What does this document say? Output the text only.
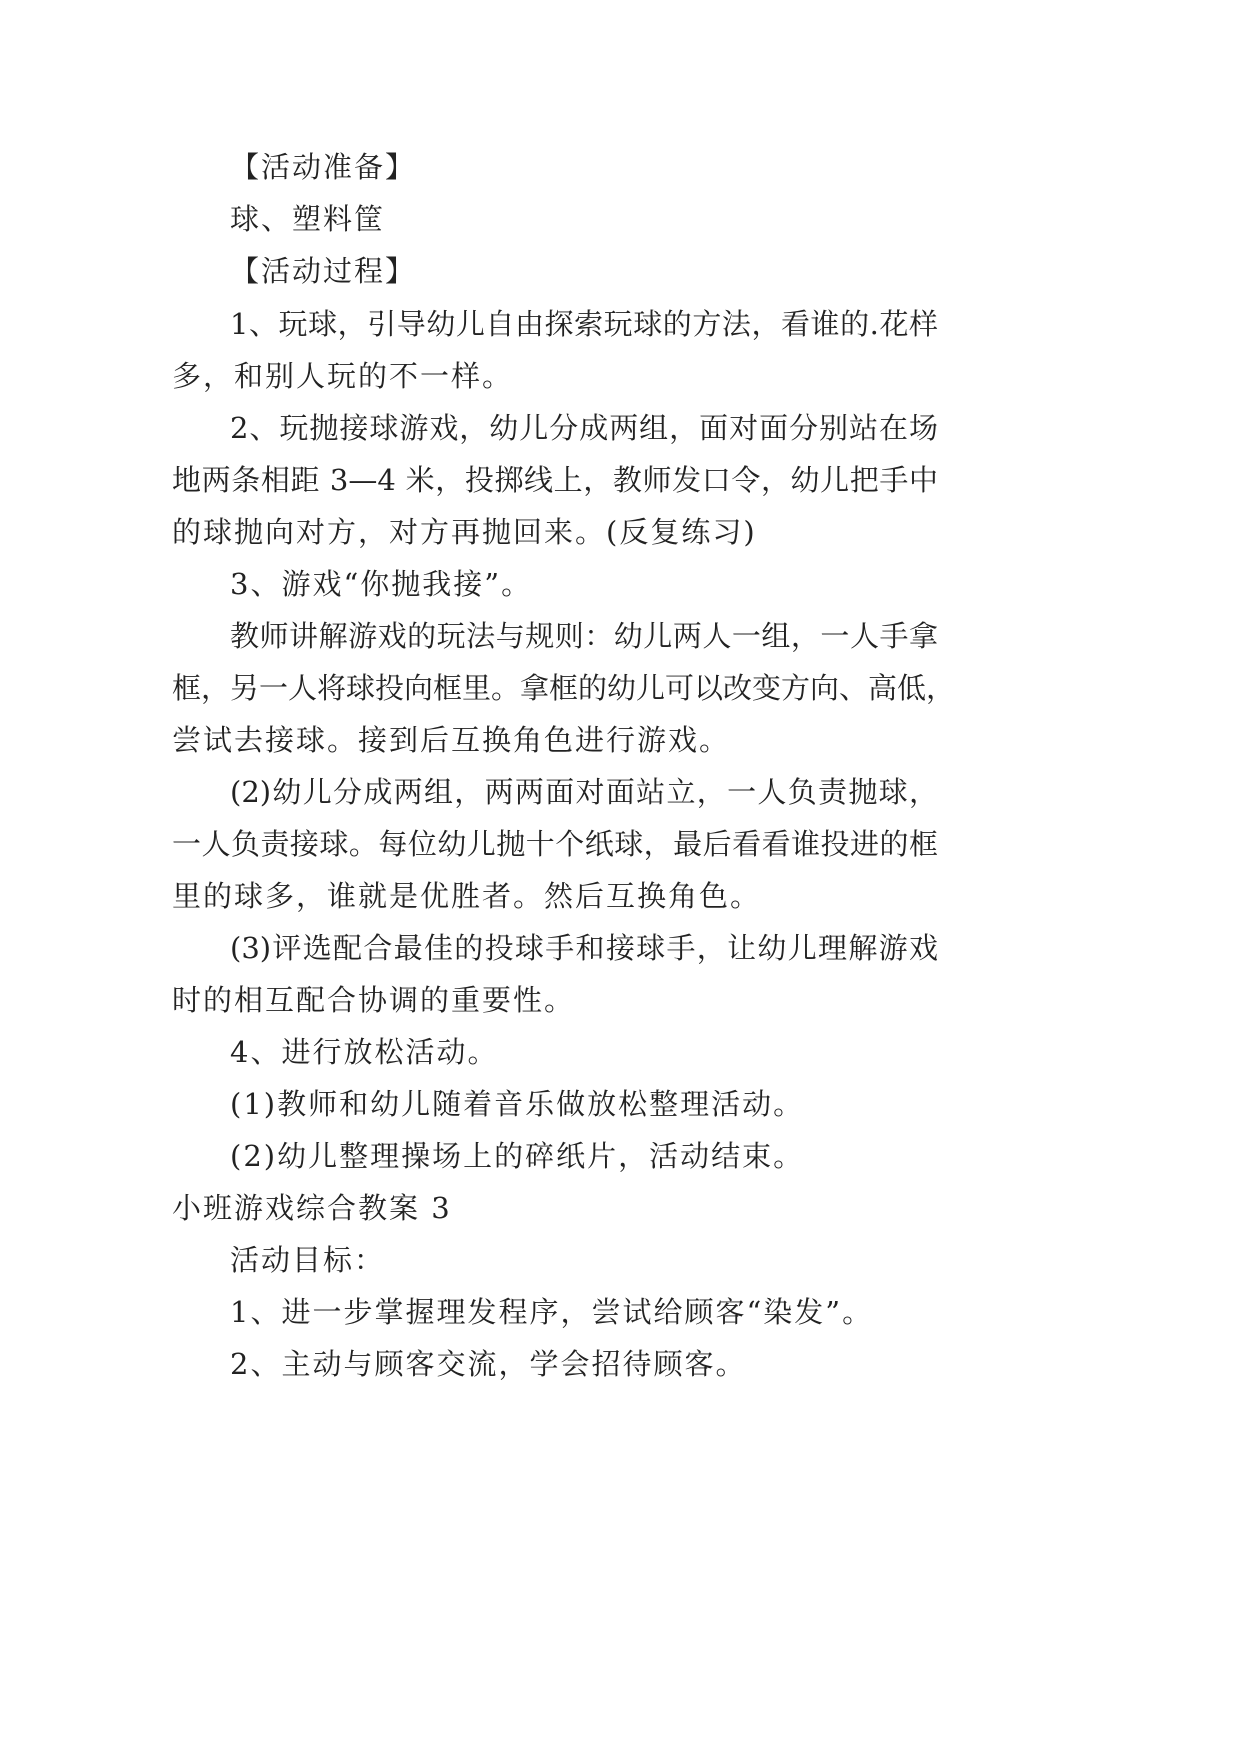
【活动准备】
球、塑料筐
【活动过程】
1、玩球，引导幼儿自由探索玩球的方法，看谁的.花样
多，和别人玩的不一样。
2、玩抛接球游戏，幼儿分成两组，面对面分别站在场
地两条相距 3—4 米，投掷线上，教师发口令，幼儿把手中
的球抛向对方，对方再抛回来。(反复练习)
3、游戏“你抛我接”。
教师讲解游戏的玩法与规则：幼儿两人一组，一人手拿
框，另一人将球投向框里。拿框的幼儿可以改变方向、高低，
尝试去接球。接到后互换角色进行游戏。
(2)幼儿分成两组，两两面对面站立，一人负责抛球，
一人负责接球。每位幼儿抛十个纸球，最后看看谁投进的框
里的球多，谁就是优胜者。然后互换角色。
(3)评选配合最佳的投球手和接球手，让幼儿理解游戏
时的相互配合协调的重要性。
4、进行放松活动。
(1)教师和幼儿随着音乐做放松整理活动。
(2)幼儿整理操场上的碎纸片，活动结束。
小班游戏综合教案 3
活动目标：
1、进一步掌握理发程序，尝试给顾客“染发”。
2、主动与顾客交流，学会招待顾客。
